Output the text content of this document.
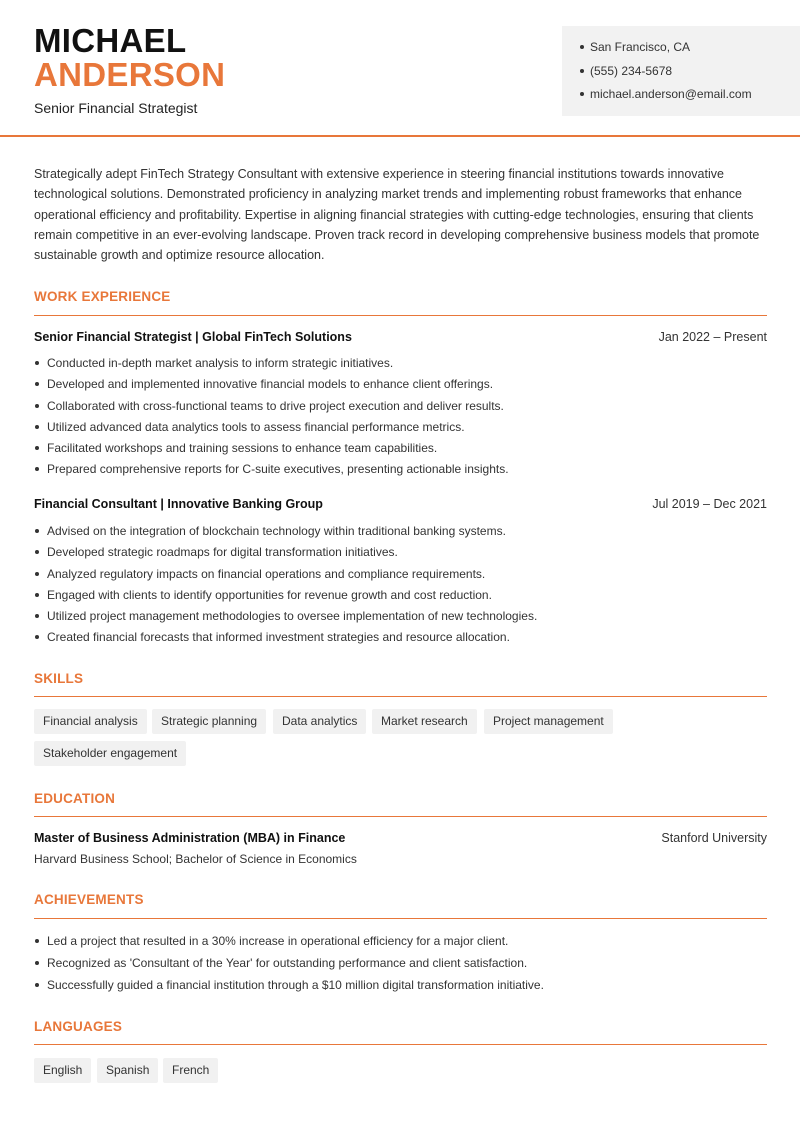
MICHAEL
ANDERSON
Senior Financial Strategist
San Francisco, CA
(555) 234-5678
michael.anderson@email.com

Strategically adept FinTech Strategy Consultant with extensive experience in steering financial institutions towards innovative technological solutions. Demonstrated proficiency in analyzing market trends and implementing robust frameworks that enhance operational efficiency and profitability. Expertise in aligning financial strategies with cutting-edge technologies, ensuring that clients remain competitive in an ever-evolving landscape. Proven track record in developing comprehensive business models that promote sustainable growth and optimize resource allocation.

WORK EXPERIENCE
Senior Financial Strategist | Global FinTech Solutions	Jan 2022 – Present
Conducted in-depth market analysis to inform strategic initiatives.
Developed and implemented innovative financial models to enhance client offerings.
Collaborated with cross-functional teams to drive project execution and deliver results.
Utilized advanced data analytics tools to assess financial performance metrics.
Facilitated workshops and training sessions to enhance team capabilities.
Prepared comprehensive reports for C-suite executives, presenting actionable insights.
Financial Consultant | Innovative Banking Group	Jul 2019 – Dec 2021
Advised on the integration of blockchain technology within traditional banking systems.
Developed strategic roadmaps for digital transformation initiatives.
Analyzed regulatory impacts on financial operations and compliance requirements.
Engaged with clients to identify opportunities for revenue growth and cost reduction.
Utilized project management methodologies to oversee implementation of new technologies.
Created financial forecasts that informed investment strategies and resource allocation.
SKILLS
Financial analysis	Strategic planning	Data analytics	Market research	Project management
Stakeholder engagement
EDUCATION
Master of Business Administration (MBA) in Finance	Stanford University
Harvard Business School; Bachelor of Science in Economics
ACHIEVEMENTS
Led a project that resulted in a 30% increase in operational efficiency for a major client.
Recognized as 'Consultant of the Year' for outstanding performance and client satisfaction.
Successfully guided a financial institution through a $10 million digital transformation initiative.
LANGUAGES
English	Spanish	French
